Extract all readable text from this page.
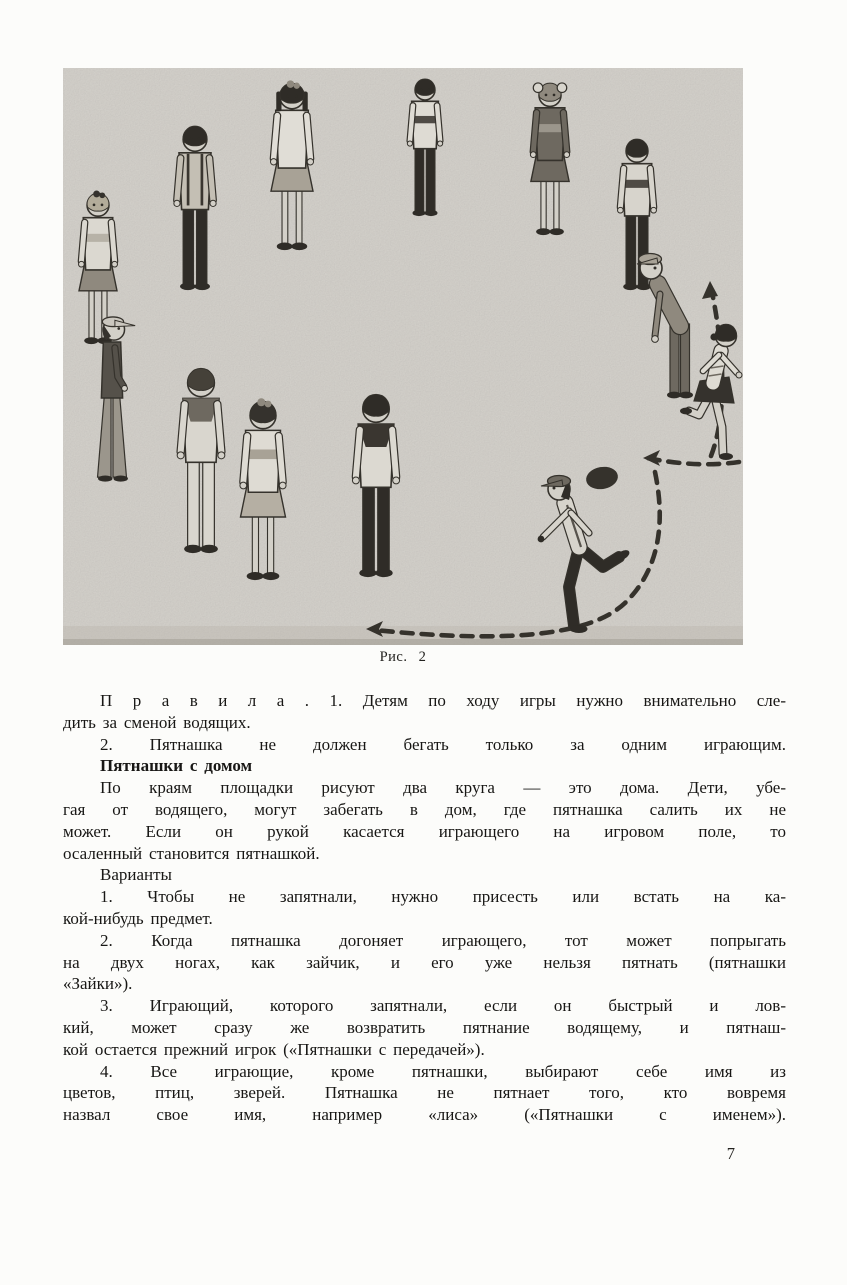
Рис. 2
П р а в и л а . 1. Детям по ходу игры нужно внимательно сле-
дить за сменой водящих.
2. Пятнашка не должен бегать только за одним играющим.
Пятнашки с домом
По краям площадки рисуют два круга — это дома. Дети, убе-
гая от водящего, могут забегать в дом, где пятнашка салить их не
может. Если он рукой касается играющего на игровом поле, то
осаленный становится пятнашкой.
Варианты
1. Чтобы не запятнали, нужно присесть или встать на ка-
кой-нибудь предмет.
2. Когда пятнашка догоняет играющего, тот может попрыгать
на двух ногах, как зайчик, и его уже нельзя пятнать (пятнашки
«Зайки»).
3. Играющий, которого запятнали, если он быстрый и лов-
кий, может сразу же возвратить пятнание водящему, и пятнаш-
кой остается прежний игрок («Пятнашки с передачей»).
4. Все играющие, кроме пятнашки, выбирают себе имя из
цветов, птиц, зверей. Пятнашка не пятнает того, кто вовремя
назвал свое имя, например «лиса» («Пятнашки с именем»).
7
